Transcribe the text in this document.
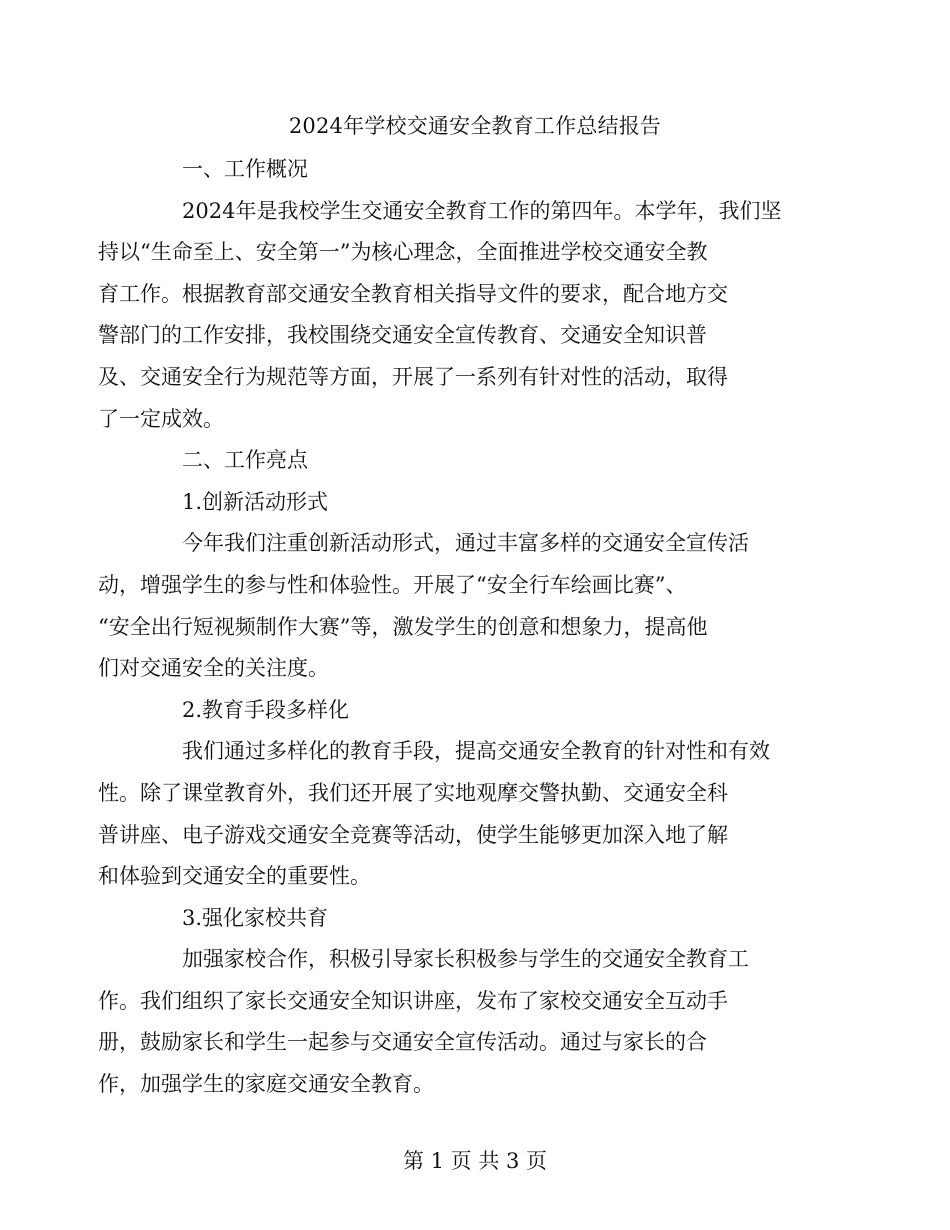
2024年学校交通安全教育工作总结报告
一、工作概况
2024年是我校学生交通安全教育工作的第四年。本学年，我们坚
持以“生命至上、安全第一”为核心理念，全面推进学校交通安全教
育工作。根据教育部交通安全教育相关指导文件的要求，配合地方交
警部门的工作安排，我校围绕交通安全宣传教育、交通安全知识普
及、交通安全行为规范等方面，开展了一系列有针对性的活动，取得
了一定成效。
二、工作亮点
1.创新活动形式
今年我们注重创新活动形式，通过丰富多样的交通安全宣传活
动，增强学生的参与性和体验性。开展了“安全行车绘画比赛”、
“安全出行短视频制作大赛”等，激发学生的创意和想象力，提高他
们对交通安全的关注度。
2.教育手段多样化
我们通过多样化的教育手段，提高交通安全教育的针对性和有效
性。除了课堂教育外，我们还开展了实地观摩交警执勤、交通安全科
普讲座、电子游戏交通安全竞赛等活动，使学生能够更加深入地了解
和体验到交通安全的重要性。
3.强化家校共育
加强家校合作，积极引导家长积极参与学生的交通安全教育工
作。我们组织了家长交通安全知识讲座，发布了家校交通安全互动手
册，鼓励家长和学生一起参与交通安全宣传活动。通过与家长的合
作，加强学生的家庭交通安全教育。
第 1 页 共 3 页
